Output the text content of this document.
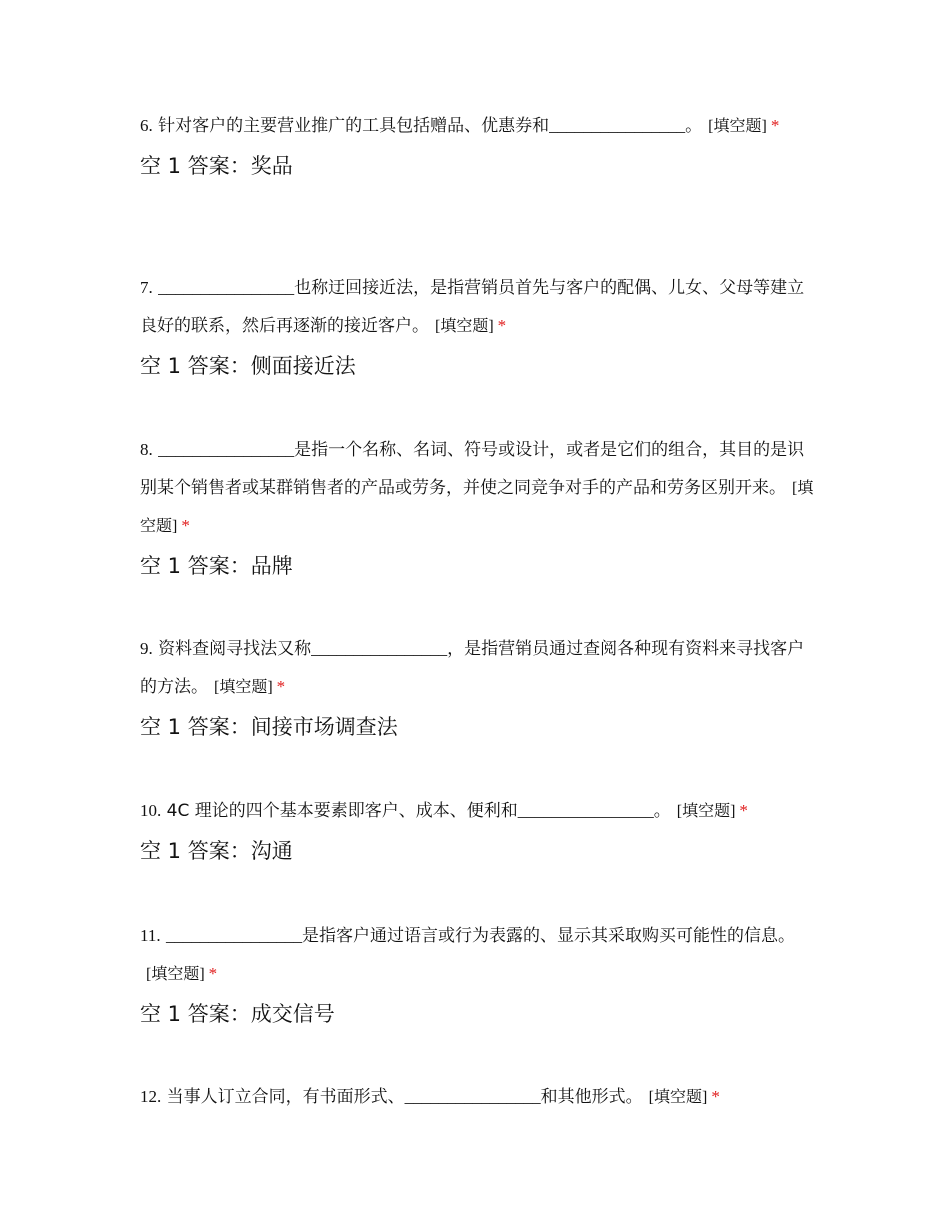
6. 针对客户的主要营业推广的工具包括赠品、优惠券和________________。 [填空题] *

空 1 答案：奖品

7. ________________也称迂回接近法，是指营销员首先与客户的配偶、儿女、父母等建立良好的联系，然后再逐渐的接近客户。 [填空题] *

空 1 答案：侧面接近法

8. ________________是指一个名称、名词、符号或设计，或者是它们的组合，其目的是识别某个销售者或某群销售者的产品或劳务，并使之同竞争对手的产品和劳务区别开来。 [填空题] *

空 1 答案：品牌

9. 资料查阅寻找法又称________________，是指营销员通过查阅各种现有资料来寻找客户的方法。 [填空题] *

空 1 答案：间接市场调查法

10. 4C 理论的四个基本要素即客户、成本、便利和________________。 [填空题] *

空 1 答案：沟通

11. ________________是指客户通过语言或行为表露的、显示其采取购买可能性的信息。[填空题] *

空 1 答案：成交信号

12. 当事人订立合同，有书面形式、________________和其他形式。 [填空题] *
